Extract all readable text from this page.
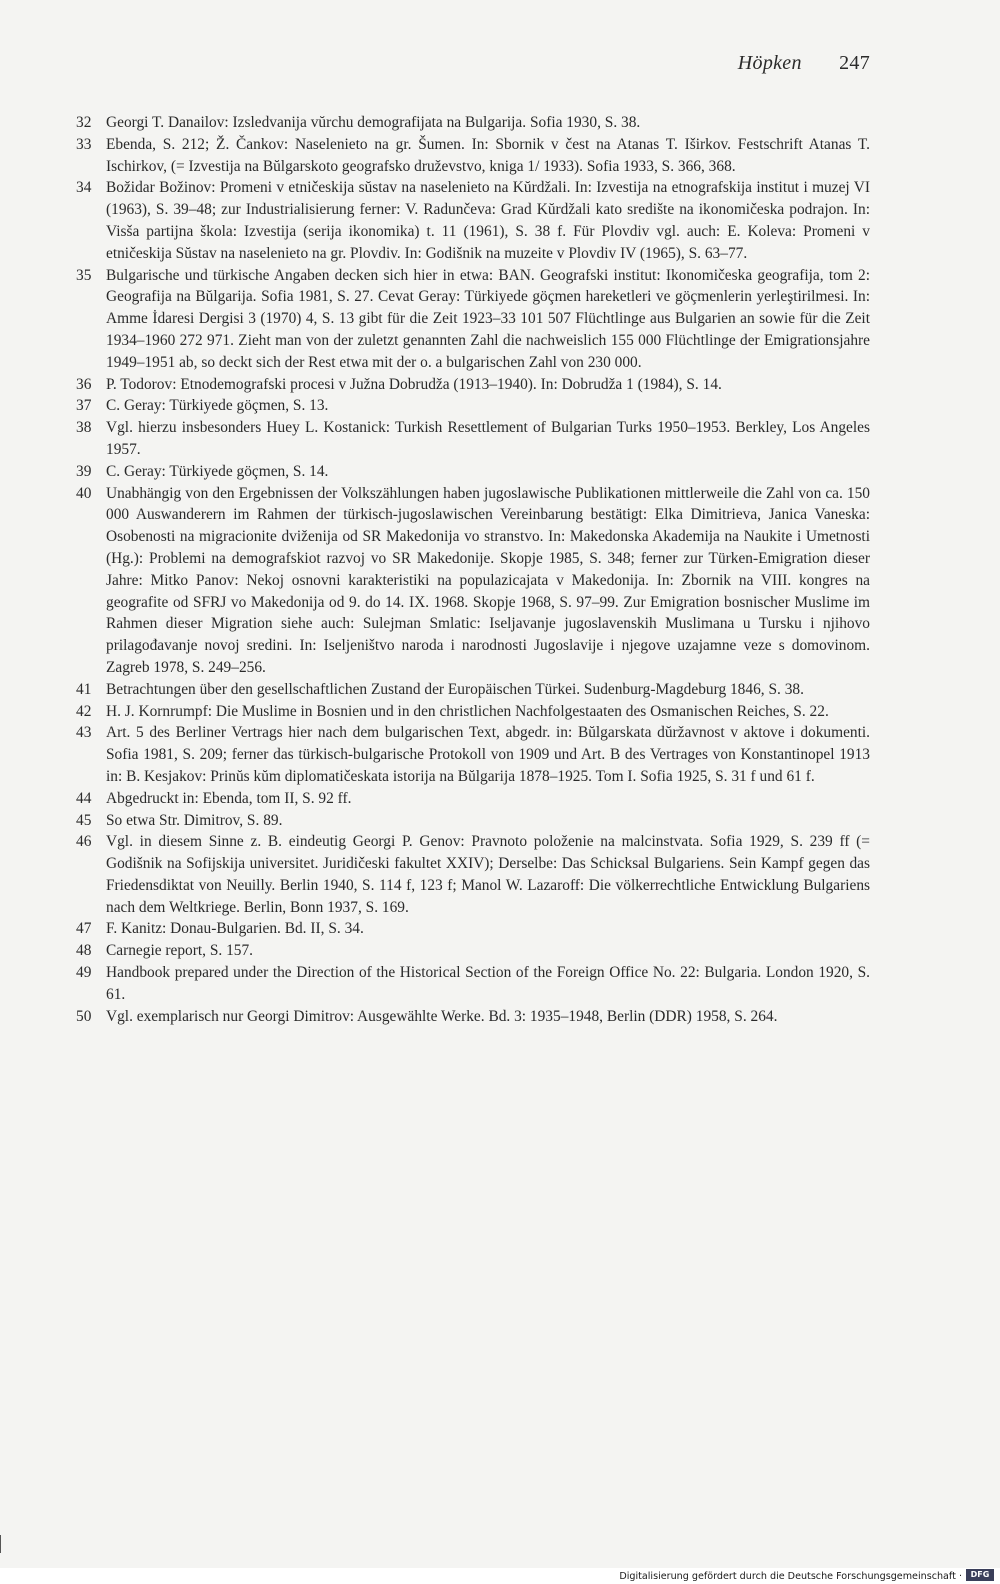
Höpken 247
32 Georgi T. Danailov: Izsledvanija vŭrchu demografijata na Bulgarija. Sofia 1930, S. 38.
33 Ebenda, S. 212; Ž. Čankov: Naselenieto na gr. Šumen. In: Sbornik v čest na Atanas T. Iširkov. Festschrift Atanas T. Ischirkov, (= Izvestija na Bŭlgarskoto geografsko druževstvo, kniga 1/ 1933). Sofia 1933, S. 366, 368.
34 Božidar Božinov: Promeni v etničeskija sŭstav na naselenieto na Kŭrdžali. In: Izvestija na etnografskija institut i muzej VI (1963), S. 39–48; zur Industrialisierung ferner: V. Radunčeva: Grad Kŭrdžali kato središte na ikonomičeska podrajon. In: Visša partijna škola: Izvestija (serija ikonomika) t. 11 (1961), S. 38 f. Für Plovdiv vgl. auch: E. Koleva: Promeni v etničeskija Sŭstav na naselenieto na gr. Plovdiv. In: Godišnik na muzeite v Plovdiv IV (1965), S. 63–77.
35 Bulgarische und türkische Angaben decken sich hier in etwa: BAN. Geografski institut: Ikonomičeska geografija, tom 2: Geografija na Bŭlgarija. Sofia 1981, S. 27. Cevat Geray: Türkiyede göçmen hareketleri ve göçmenlerin yerleştirilmesi. In: Amme İdaresi Dergisi 3 (1970) 4, S. 13 gibt für die Zeit 1923–33 101 507 Flüchtlinge aus Bulgarien an sowie für die Zeit 1934–1960 272 971. Zieht man von der zuletzt genannten Zahl die nachweislich 155 000 Flüchtlinge der Emigrationsjahre 1949–1951 ab, so deckt sich der Rest etwa mit der o. a bulgarischen Zahl von 230 000.
36 P. Todorov: Etnodemografski procesi v Južna Dobrudža (1913–1940). In: Dobrudža 1 (1984), S. 14.
37 C. Geray: Türkiyede göçmen, S. 13.
38 Vgl. hierzu insbesonders Huey L. Kostanick: Turkish Resettlement of Bulgarian Turks 1950–1953. Berkley, Los Angeles 1957.
39 C. Geray: Türkiyede göçmen, S. 14.
40 Unabhängig von den Ergebnissen der Volkszählungen haben jugoslawische Publikationen mittlerweile die Zahl von ca. 150 000 Auswanderern im Rahmen der türkisch-jugoslawischen Vereinbarung bestätigt: Elka Dimitrieva, Janica Vaneska: Osobenosti na migracionite dviženija od SR Makedonija vo stranstvo. In: Makedonska Akademija na Naukite i Umetnosti (Hg.): Problemi na demografskiot razvoj vo SR Makedonije. Skopje 1985, S. 348; ferner zur Türken-Emigration dieser Jahre: Mitko Panov: Nekoj osnovni karakteristiki na populazicajata v Makedonija. In: Zbornik na VIII. kongres na geografite od SFRJ vo Makedonija od 9. do 14. IX. 1968. Skopje 1968, S. 97–99. Zur Emigration bosnischer Muslime im Rahmen dieser Migration siehe auch: Sulejman Smlatic: Iseljavanje jugoslavenskih Muslimana u Tursku i njihovo prilagođavanje novoj sredini. In: Iseljeništvo naroda i narodnosti Jugoslavije i njegove uzajamne veze s domovinom. Zagreb 1978, S. 249–256.
41 Betrachtungen über den gesellschaftlichen Zustand der Europäischen Türkei. Sudenburg-Magdeburg 1846, S. 38.
42 H. J. Kornrumpf: Die Muslime in Bosnien und in den christlichen Nachfolgestaaten des Osmanischen Reiches, S. 22.
43 Art. 5 des Berliner Vertrags hier nach dem bulgarischen Text, abgedr. in: Bŭlgarskata dŭržavnost v aktove i dokumenti. Sofia 1981, S. 209; ferner das türkisch-bulgarische Protokoll von 1909 und Art. B des Vertrages von Konstantinopel 1913 in: B. Kesjakov: Prinŭs kŭm diplomatičeskata istorija na Bŭlgarija 1878–1925. Tom I. Sofia 1925, S. 31 f und 61 f.
44 Abgedruckt in: Ebenda, tom II, S. 92 ff.
45 So etwa Str. Dimitrov, S. 89.
46 Vgl. in diesem Sinne z. B. eindeutig Georgi P. Genov: Pravnoto položenie na malcinstvata. Sofia 1929, S. 239 ff (= Godišnik na Sofijskija universitet. Juridičeski fakultet XXIV); Derselbe: Das Schicksal Bulgariens. Sein Kampf gegen das Friedensdiktat von Neuilly. Berlin 1940, S. 114 f, 123 f; Manol W. Lazaroff: Die völkerrechtliche Entwicklung Bulgariens nach dem Weltkriege. Berlin, Bonn 1937, S. 169.
47 F. Kanitz: Donau-Bulgarien. Bd. II, S. 34.
48 Carnegie report, S. 157.
49 Handbook prepared under the Direction of the Historical Section of the Foreign Office No. 22: Bulgaria. London 1920, S. 61.
50 Vgl. exemplarisch nur Georgi Dimitrov: Ausgewählte Werke. Bd. 3: 1935–1948, Berlin (DDR) 1958, S. 264.
Digitalisierung gefördert durch die Deutsche Forschungsgemeinschaft ·	DFG
